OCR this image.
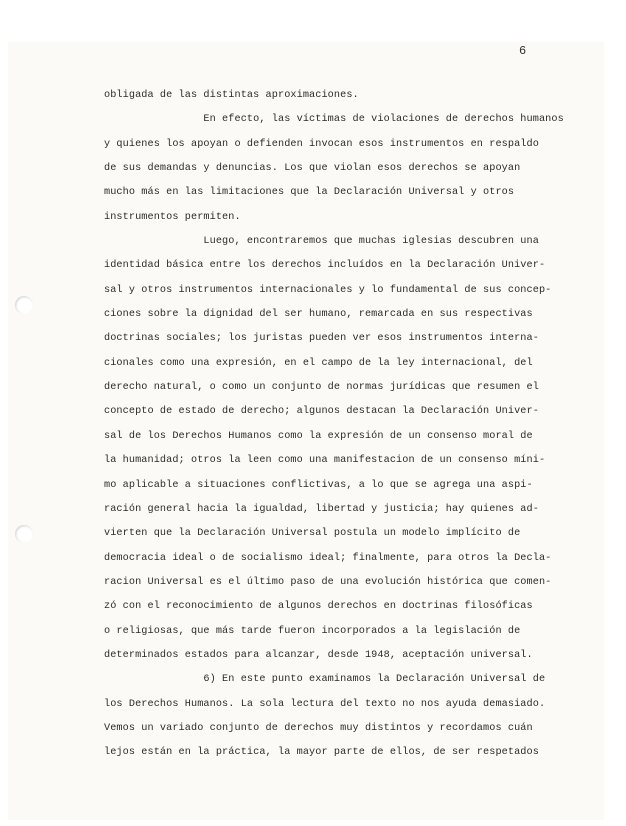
6
obligada de las distintas aproximaciones.
En efecto, las víctimas de violaciones de derechos humanos
y quienes los apoyan o defienden invocan esos instrumentos en respaldo
de sus demandas y denuncias. Los que violan esos derechos se apoyan
mucho más en las limitaciones que la Declaración Universal y otros
instrumentos permiten.
Luego, encontraremos que muchas iglesias descubren una
identidad básica entre los derechos incluídos en la Declaración Univer-
sal y otros instrumentos internacionales y lo fundamental de sus concep-
ciones sobre la dignidad del ser humano, remarcada en sus respectivas
doctrinas sociales; los juristas pueden ver esos instrumentos interna-
cionales como una expresión, en el campo de la ley internacional, del
derecho natural, o como un conjunto de normas jurídicas que resumen el
concepto de estado de derecho; algunos destacan la Declaración Univer-
sal de los Derechos Humanos como la expresión de un consenso moral de
la humanidad; otros la leen como una manifestacion de un consenso míni-
mo aplicable a situaciones conflictivas, a lo que se agrega una aspi-
ración general hacia la igualdad, libertad y justicia; hay quienes ad-
vierten que la Declaración Universal postula un modelo implícito de
democracia ideal o de socialismo ideal; finalmente, para otros la Decla-
racion Universal es el último paso de una evolución histórica que comen-
zó con el reconocimiento de algunos derechos en doctrinas filosóficas
o religiosas, que más tarde fueron incorporados a la legislación de
determinados estados para alcanzar, desde 1948, aceptación universal.
6) En este punto examinamos la Declaración Universal de
los Derechos Humanos. La sola lectura del texto no nos ayuda demasiado.
Vemos un variado conjunto de derechos muy distintos y recordamos cuán
lejos están en la práctica, la mayor parte de ellos, de ser respetados
